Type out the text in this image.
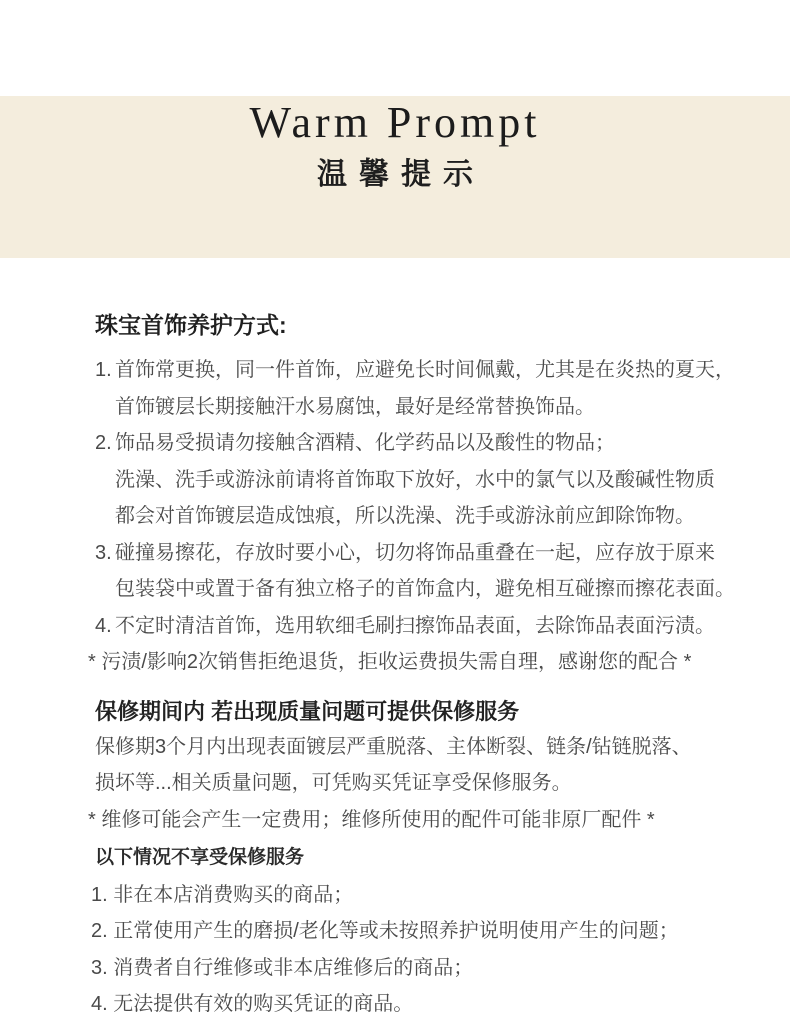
Warm Prompt
温馨提示
珠宝首饰养护方式:
1. 首饰常更换，同一件首饰，应避免长时间佩戴，尤其是在炎热的夏天，
首饰镀层长期接触汗水易腐蚀，最好是经常替换饰品。
2. 饰品易受损请勿接触含酒精、化学药品以及酸性的物品；
洗澡、洗手或游泳前请将首饰取下放好，水中的氯气以及酸碱性物质
都会对首饰镀层造成蚀痕，所以洗澡、洗手或游泳前应卸除饰物。
3. 碰撞易擦花，存放时要小心，切勿将饰品重叠在一起，应存放于原来
包装袋中或置于备有独立格子的首饰盒内，避免相互碰擦而擦花表面。
4. 不定时清洁首饰，选用软细毛刷扫擦饰品表面，去除饰品表面污渍。
* 污渍/影响2次销售拒绝退货，拒收运费损失需自理，感谢您的配合 *
保修期间内 若出现质量问题可提供保修服务
保修期3个月内出现表面镀层严重脱落、主体断裂、链条/钻链脱落、
损坏等...相关质量问题，可凭购买凭证享受保修服务。
* 维修可能会产生一定费用；维修所使用的配件可能非原厂配件 *
以下情况不享受保修服务
1. 非在本店消费购买的商品；
2. 正常使用产生的磨损/老化等或未按照养护说明使用产生的问题；
3. 消费者自行维修或非本店维修后的商品；
4. 无法提供有效的购买凭证的商品。
